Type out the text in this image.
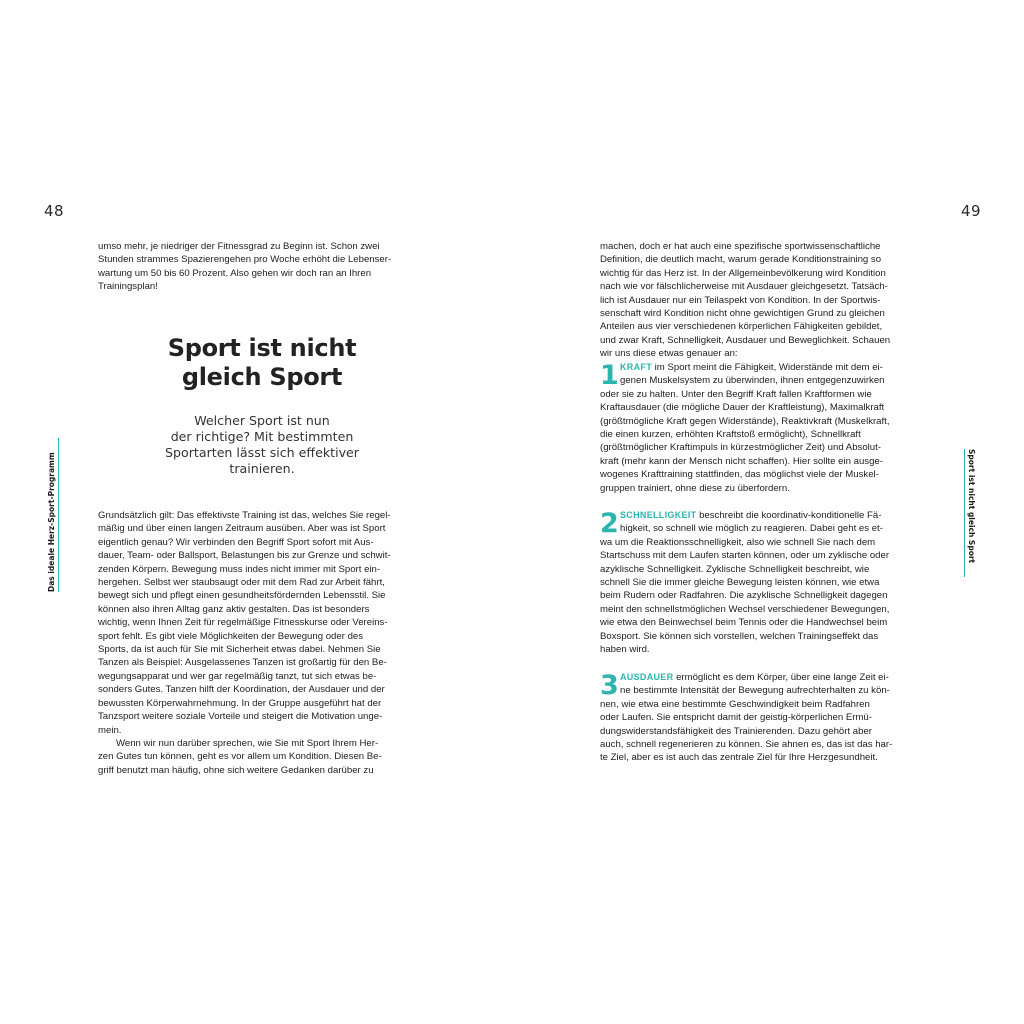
48
Das ideale Herz-Sport-Programm

umso mehr, je niedriger der Fitnessgrad zu Beginn ist. Schon zwei

Stunden strammes Spazierengehen pro Woche erhöht die Lebenser-

wartung um 50 bis 60 Prozent. Also gehen wir doch ran an Ihren

Trainingsplan!

Sport ist nicht
gleich Sport
Welcher Sport ist nun
der richtige? Mit bestimmten
Sportarten lässt sich effektiver
trainieren.

Grundsätzlich gilt: Das effektivste Training ist das, welches Sie regel-

mäßig und über einen langen Zeitraum ausüben. Aber was ist Sport

eigentlich genau? Wir verbinden den Begriff Sport sofort mit Aus-

dauer, Team- oder Ballsport, Belastungen bis zur Grenze und schwit-

zenden Körpern. Bewegung muss indes nicht immer mit Sport ein-

hergehen. Selbst wer staubsaugt oder mit dem Rad zur Arbeit fährt,

bewegt sich und pflegt einen gesundheitsfördernden Lebensstil. Sie

können also ihren Alltag ganz aktiv gestalten. Das ist besonders

wichtig, wenn Ihnen Zeit für regelmäßige Fitnesskurse oder Vereins-

sport fehlt. Es gibt viele Möglichkeiten der Bewegung oder des

Sports, da ist auch für Sie mit Sicherheit etwas dabei. Nehmen Sie

Tanzen als Beispiel: Ausgelassenes Tanzen ist großartig für den Be-

wegungsapparat und wer gar regelmäßig tanzt, tut sich etwas be-

sonders Gutes. Tanzen hilft der Koordination, der Ausdauer und der

bewussten Körperwahrnehmung. In der Gruppe ausgeführt hat der

Tanzsport weitere soziale Vorteile und steigert die Motivation unge-

mein.

Wenn wir nun darüber sprechen, wie Sie mit Sport Ihrem Her-

zen Gutes tun können, geht es vor allem um Kondition. Diesen Be-

griff benutzt man häufig, ohne sich weitere Gedanken darüber zu

49
Sport ist nicht gleich Sport

machen, doch er hat auch eine spezifische sportwissenschaftliche

Definition, die deutlich macht, warum gerade Konditionstraining so

wichtig für das Herz ist. In der Allgemeinbevölkerung wird Kondition

nach wie vor fälschlicherweise mit Ausdauer gleichgesetzt. Tatsäch-

lich ist Ausdauer nur ein Teilaspekt von Kondition. In der Sportwis-

senschaft wird Kondition nicht ohne gewichtigen Grund zu gleichen

Anteilen aus vier verschiedenen körperlichen Fähigkeiten gebildet,

und zwar Kraft, Schnelligkeit, Ausdauer und Beweglichkeit. Schauen

wir uns diese etwas genauer an:

1 KRAFT im Sport meint die Fähigkeit, Widerstände mit dem ei-

genen Muskelsystem zu überwinden, ihnen entgegenzuwirken

oder sie zu halten. Unter den Begriff Kraft fallen Kraftformen wie

Kraftausdauer (die mögliche Dauer der Kraftleistung), Maximalkraft

(größtmögliche Kraft gegen Widerstände), Reaktivkraft (Muskelkraft,

die einen kurzen, erhöhten Kraftstoß ermöglicht), Schnellkraft

(größtmöglicher Kraftimpuls in kürzestmöglicher Zeit) und Absolut-

kraft (mehr kann der Mensch nicht schaffen). Hier sollte ein ausge-

wogenes Krafttraining stattfinden, das möglichst viele der Muskel-

gruppen trainiert, ohne diese zu überfordern.

2 SCHNELLIGKEIT beschreibt die koordinativ-konditionelle Fä-

higkeit, so schnell wie möglich zu reagieren. Dabei geht es et-

wa um die Reaktionsschnelligkeit, also wie schnell Sie nach dem

Startschuss mit dem Laufen starten können, oder um zyklische oder

azyklische Schnelligkeit. Zyklische Schnelligkeit beschreibt, wie

schnell Sie die immer gleiche Bewegung leisten können, wie etwa

beim Rudern oder Radfahren. Die azyklische Schnelligkeit dagegen

meint den schnellstmöglichen Wechsel verschiedener Bewegungen,

wie etwa den Beinwechsel beim Tennis oder die Handwechsel beim

Boxsport. Sie können sich vorstellen, welchen Trainingseffekt das

haben wird.

3 AUSDAUER ermöglicht es dem Körper, über eine lange Zeit ei-

ne bestimmte Intensität der Bewegung aufrechterhalten zu kön-

nen, wie etwa eine bestimmte Geschwindigkeit beim Radfahren

oder Laufen. Sie entspricht damit der geistig-körperlichen Ermü-

dungswiderstandsfähigkeit des Trainierenden. Dazu gehört aber

auch, schnell regenerieren zu können. Sie ahnen es, das ist das har-

te Ziel, aber es ist auch das zentrale Ziel für Ihre Herzgesundheit.
